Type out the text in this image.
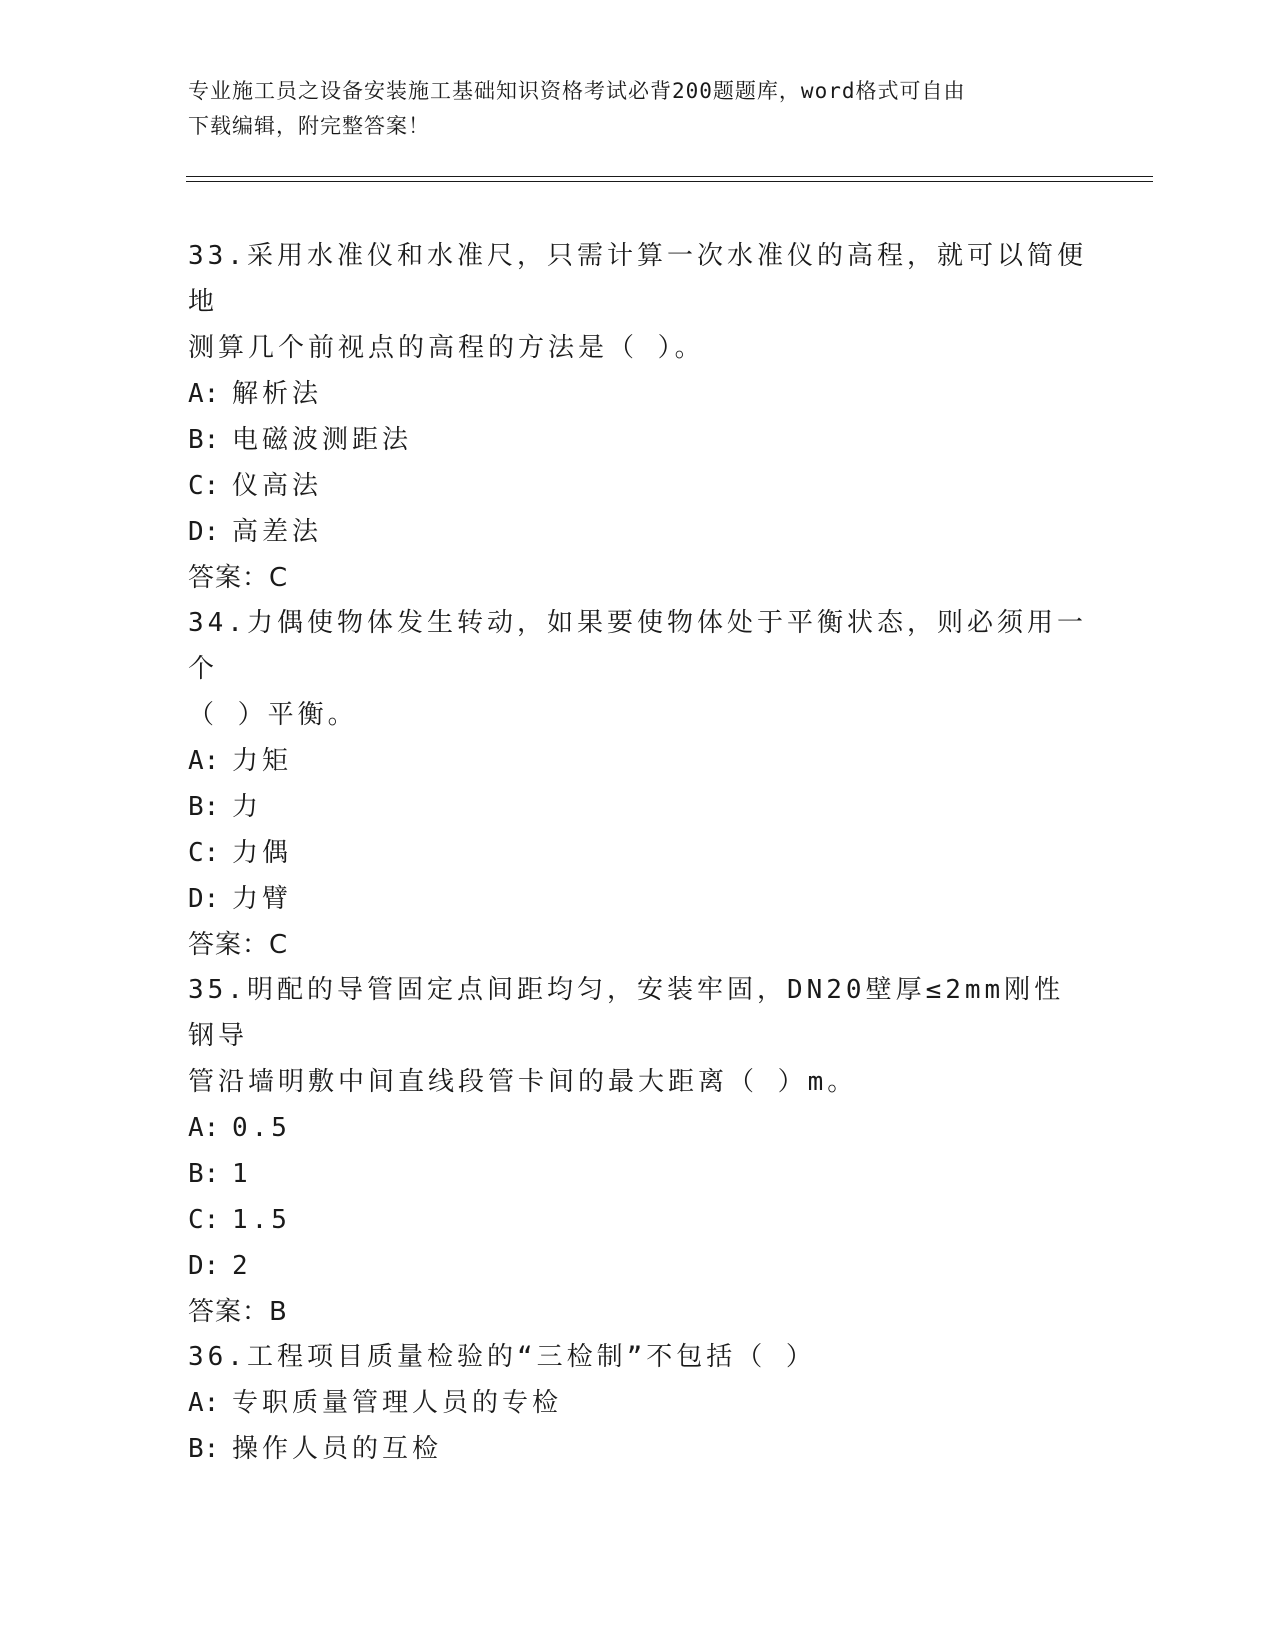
专业施工员之设备安装施工基础知识资格考试必背200题题库，word格式可自由
下载编辑，附完整答案！

33.采用水准仪和水准尺，只需计算一次水准仪的高程，就可以简便地

测算几个前视点的高程的方法是（ ）。

A: 解析法

B: 电磁波测距法

C: 仪高法

D: 高差法

答案：C

34.力偶使物体发生转动，如果要使物体处于平衡状态，则必须用一个

（ ）平衡。

A: 力矩

B: 力

C: 力偶

D: 力臂

答案：C

35.明配的导管固定点间距均匀，安装牢固，DN20壁厚≤2mm刚性钢导

管沿墙明敷中间直线段管卡间的最大距离（ ）m。

A: 0.5

B: 1

C: 1.5

D: 2

答案：B

36.工程项目质量检验的“三检制”不包括（ ）

A: 专职质量管理人员的专检

B: 操作人员的互检
